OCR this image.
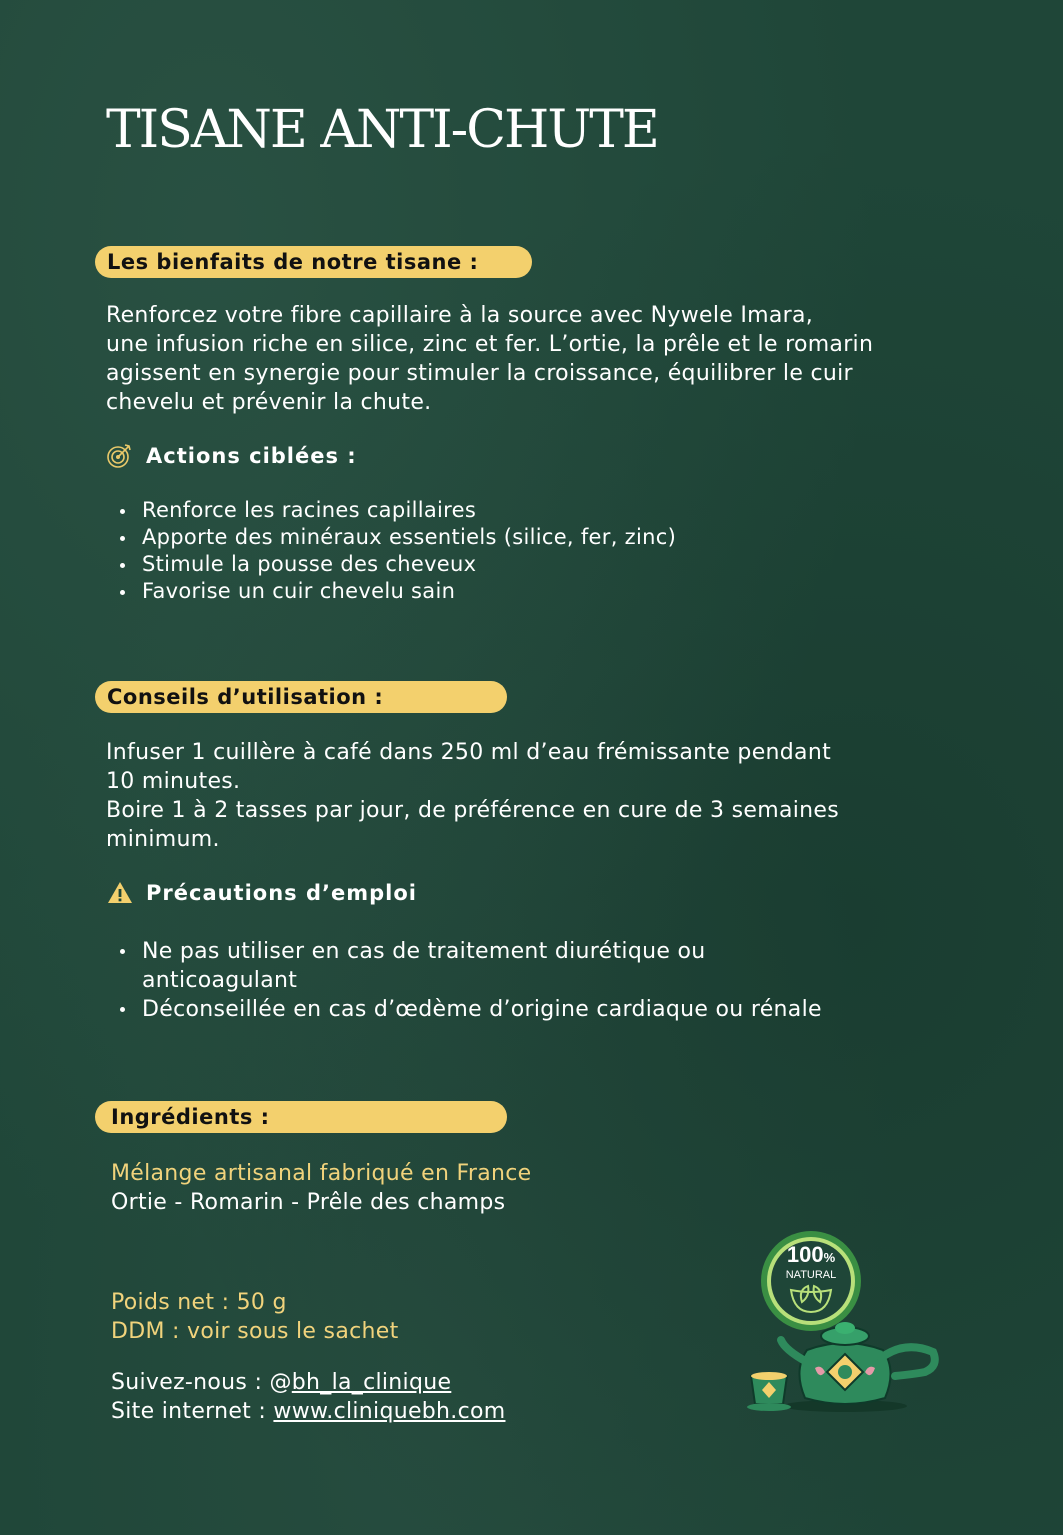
TISANE ANTI-CHUTE
Les bienfaits de notre tisane :

Renforcez votre fibre capillaire à la source avec Nywele Imara,
une infusion riche en silice, zinc et fer. L’ortie, la prêle et le romarin
agissent en synergie pour stimuler la croissance, équilibrer le cuir
chevelu et prévenir la chute.

Actions ciblées :
Renforce les racines capillaires
Apporte des minéraux essentiels (silice, fer, zinc)
Stimule la pousse des cheveux
Favorise un cuir chevelu sain
Conseils d’utilisation :

Infuser 1 cuillère à café dans 250 ml d’eau frémissante pendant
10 minutes.
Boire 1 à 2 tasses par jour, de préférence en cure de 3 semaines
minimum.

Précautions d’emploi
Ne pas utiliser en cas de traitement diurétique ou
anticoagulant
Déconseillée en cas d’œdème d’origine cardiaque ou rénale
Ingrédients :

Mélange artisanal fabriqué en France
Ortie - Romarin - Prêle des champs

Poids net : 50 g
DDM : voir sous le sachet

Suivez-nous : @bh_la_clinique
Site internet : www.cliniquebh.com

100%
NATURAL
